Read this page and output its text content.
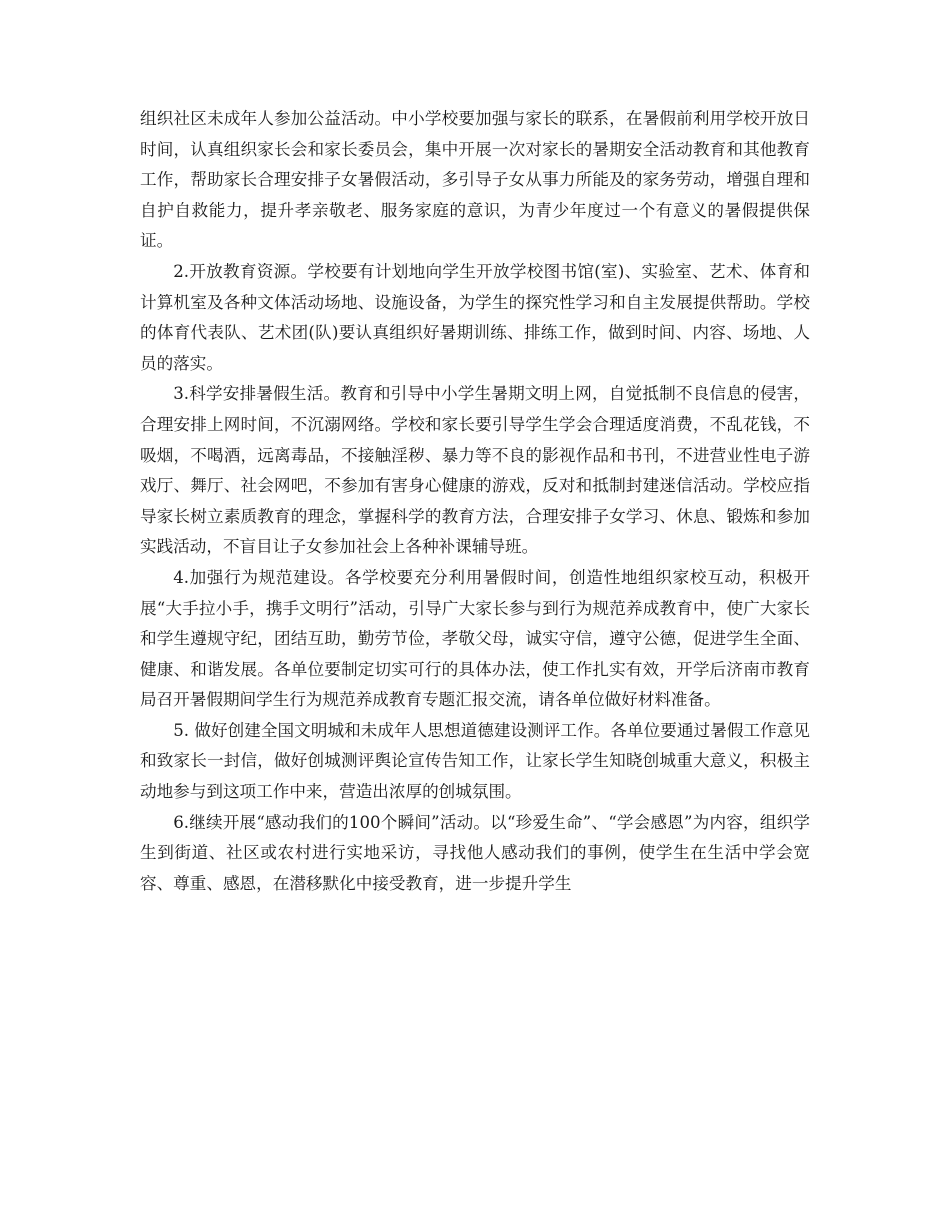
组织社区未成年人参加公益活动。中小学校要加强与家长的联系，在暑假前利用学校开放日时间，认真组织家长会和家长委员会，集中开展一次对家长的暑期安全活动教育和其他教育工作，帮助家长合理安排子女暑假活动，多引导子女从事力所能及的家务劳动，增强自理和自护自救能力，提升孝亲敬老、服务家庭的意识，为青少年度过一个有意义的暑假提供保证。

2.开放教育资源。学校要有计划地向学生开放学校图书馆(室)、实验室、艺术、体育和计算机室及各种文体活动场地、设施设备，为学生的探究性学习和自主发展提供帮助。学校的体育代表队、艺术团(队)要认真组织好暑期训练、排练工作，做到时间、内容、场地、人员的落实。

3.科学安排暑假生活。教育和引导中小学生暑期文明上网，自觉抵制不良信息的侵害，合理安排上网时间，不沉溺网络。学校和家长要引导学生学会合理适度消费，不乱花钱，不吸烟，不喝酒，远离毒品，不接触淫秽、暴力等不良的影视作品和书刊，不进营业性电子游戏厅、舞厅、社会网吧，不参加有害身心健康的游戏，反对和抵制封建迷信活动。学校应指导家长树立素质教育的理念，掌握科学的教育方法，合理安排子女学习、休息、锻炼和参加实践活动，不盲目让子女参加社会上各种补课辅导班。

4.加强行为规范建设。各学校要充分利用暑假时间，创造性地组织家校互动，积极开展“大手拉小手，携手文明行”活动，引导广大家长参与到行为规范养成教育中，使广大家长和学生遵规守纪，团结互助，勤劳节俭，孝敬父母，诚实守信，遵守公德，促进学生全面、健康、和谐发展。各单位要制定切实可行的具体办法，使工作扎实有效，开学后济南市教育局召开暑假期间学生行为规范养成教育专题汇报交流，请各单位做好材料准备。

5. 做好创建全国文明城和未成年人思想道德建设测评工作。各单位要通过暑假工作意见和致家长一封信，做好创城测评舆论宣传告知工作，让家长学生知晓创城重大意义，积极主动地参与到这项工作中来，营造出浓厚的创城氛围。

6.继续开展“感动我们的100个瞬间”活动。以“珍爱生命”、“学会感恩”为内容，组织学生到街道、社区或农村进行实地采访，寻找他人感动我们的事例，使学生在生活中学会宽容、尊重、感恩，在潜移默化中接受教育，进一步提升学生
